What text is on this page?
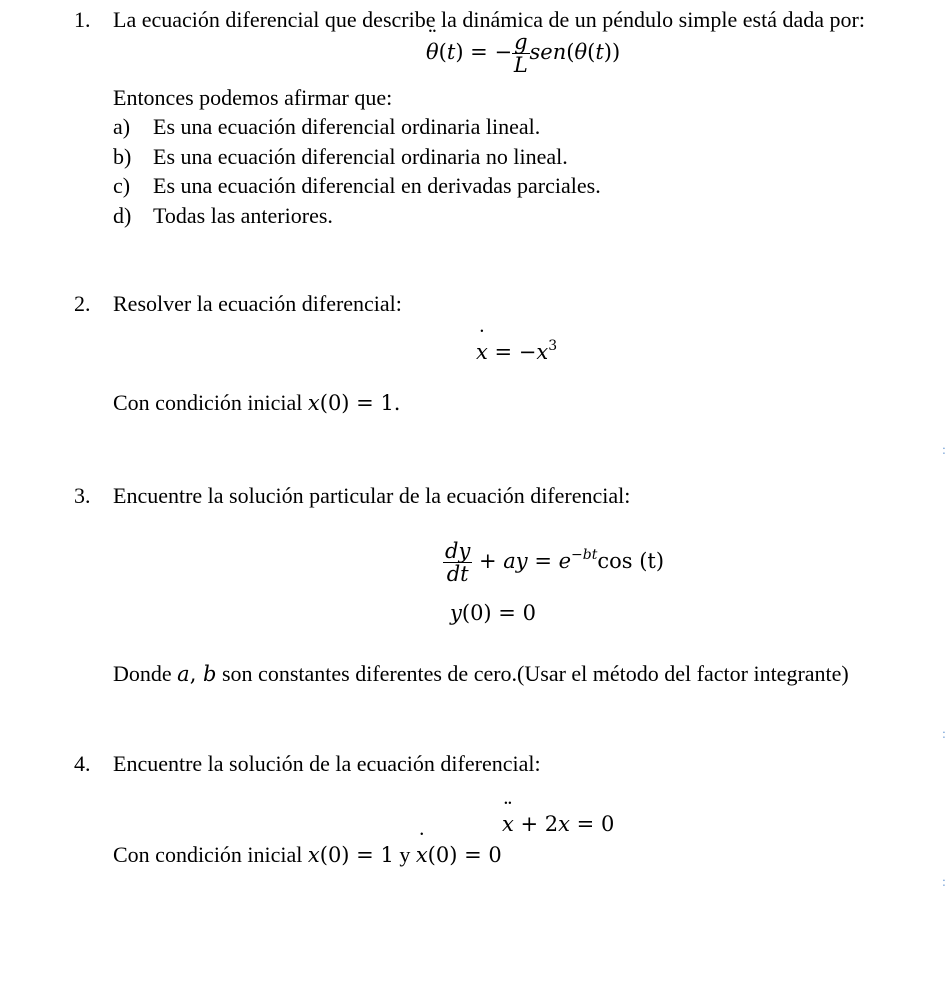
1. La ecuación diferencial que describe la dinámica de un péndulo simple está dada por:
¨ θ(t) = − $\frac{g}{L} sen(\theta(t))$
Entonces podemos afirmar que:
a) Es una ecuación diferencial ordinaria lineal.
b) Es una ecuación diferencial ordinaria no lineal.
c) Es una ecuación diferencial en derivadas parciales.
d) Todas las anteriores.
2. Resolver la ecuación diferencial:
˙ $x = -x^3$
Con condición inicial x(0) = 1.
:
3. Encuentre la solución particular de la ecuación diferencial:
$\frac{dy}{dt}$ + ay = $e^{-bt}\cos$ (t)
y(0) = 0
Donde a, b son constantes diferentes de cero.(Usar el método del factor integrante)
:
4. Encuentre la solución de la ecuación diferencial:
¨ x + 2x = 0
Con condición inicial x(0) = 1 y ˙ x(0) = 0
:
